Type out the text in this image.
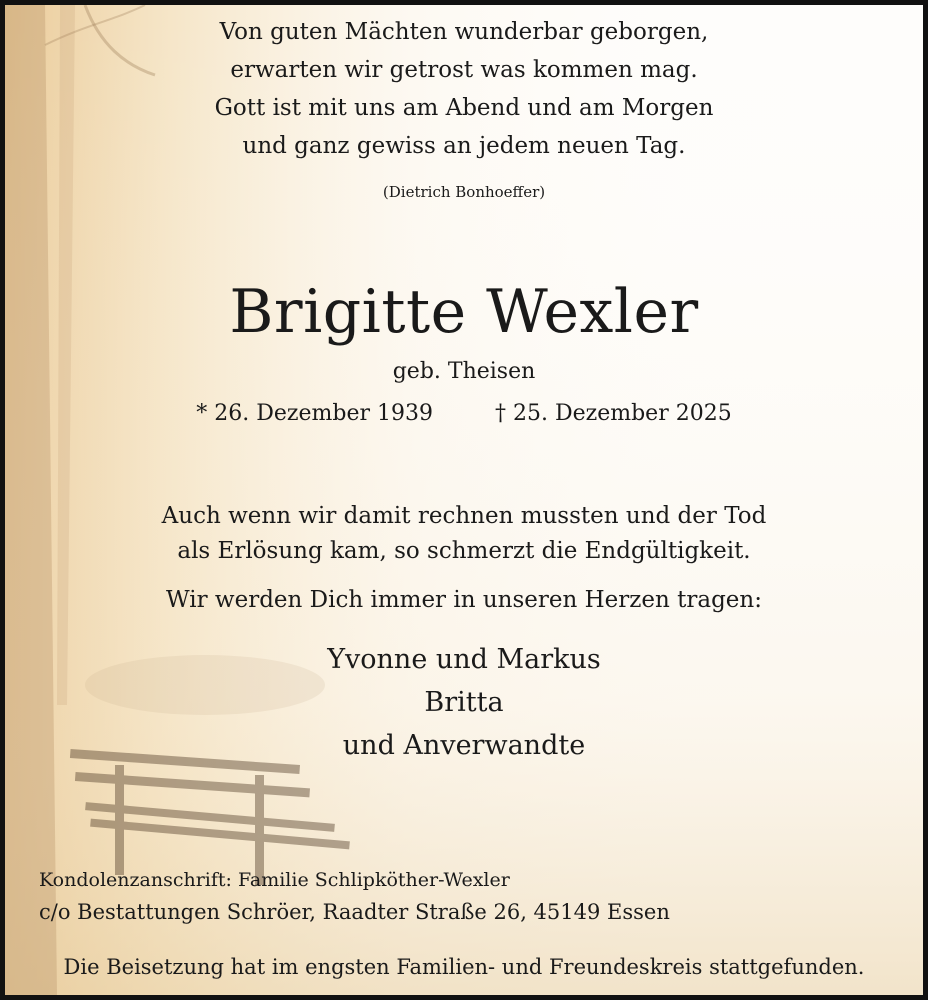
Von guten Mächten wunderbar geborgen,
erwarten wir getrost was kommen mag.
Gott ist mit uns am Abend und am Morgen
und ganz gewiss an jedem neuen Tag.
(Dietrich Bonhoeffer)
Brigitte Wexler
geb. Theisen
* 26. Dezember 1939	† 25. Dezember 2025
Auch wenn wir damit rechnen mussten und der Tod
als Erlösung kam, so schmerzt die Endgültigkeit.
Wir werden Dich immer in unseren Herzen tragen:
Yvonne und Markus
Britta
und Anverwandte
Kondolenzanschrift: Familie Schlipköther-Wexler
c/o Bestattungen Schröer, Raadter Straße 26, 45149 Essen
Die Beisetzung hat im engsten Familien- und Freundeskreis stattgefunden.
